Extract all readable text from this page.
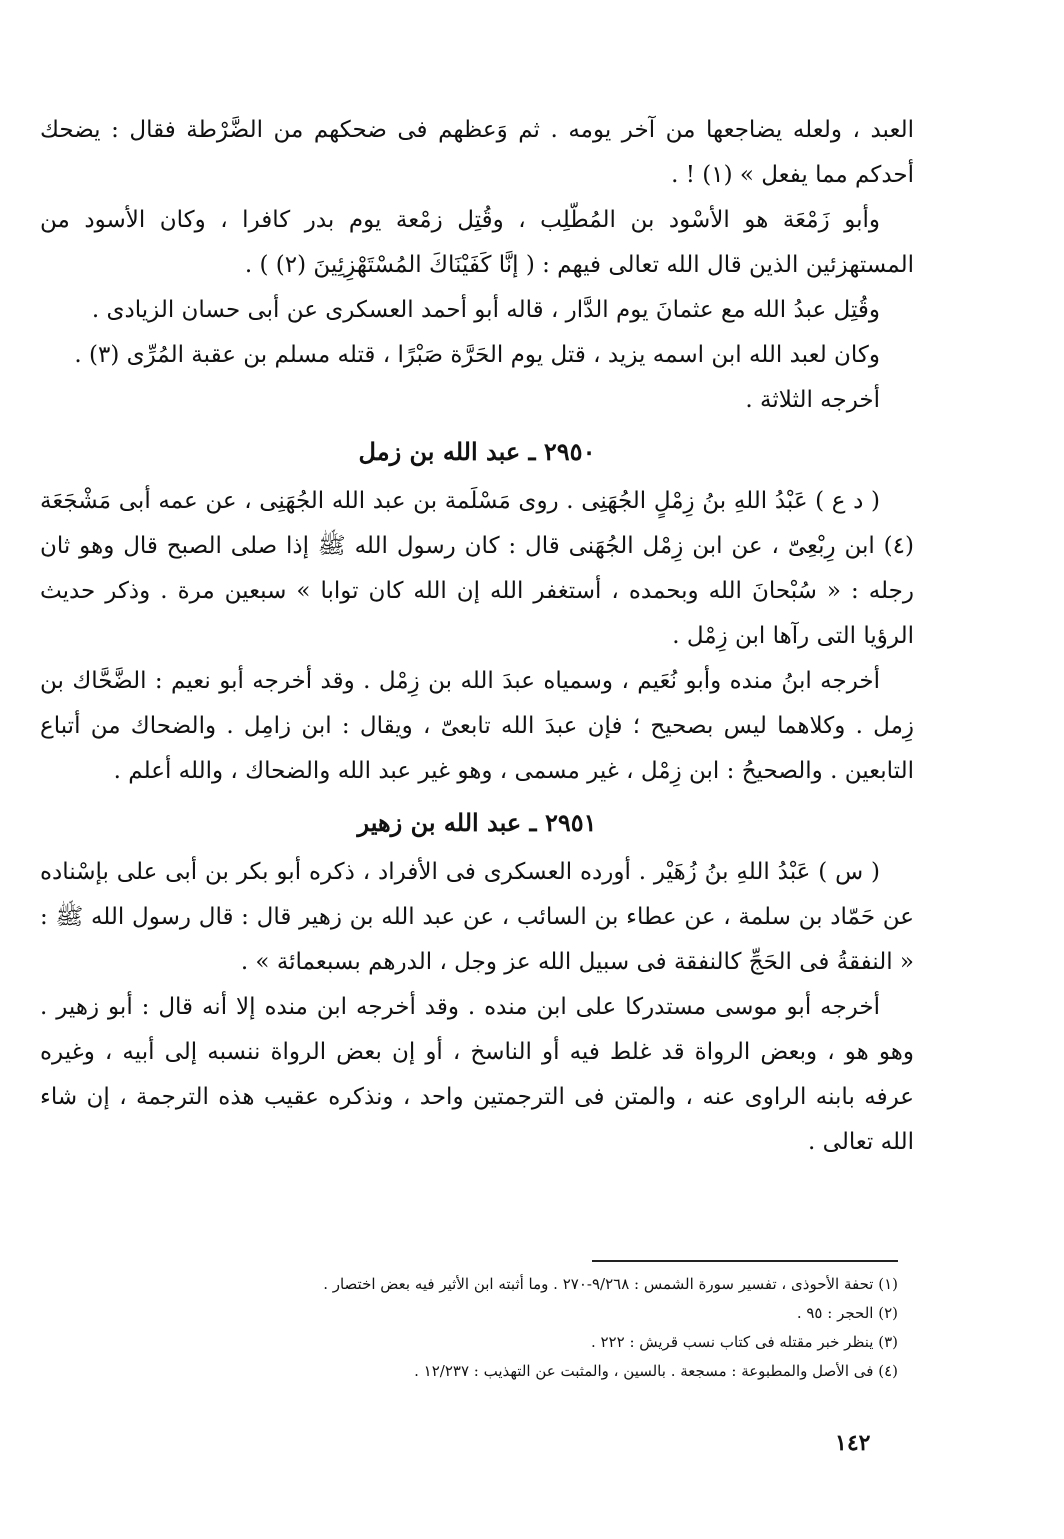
العبد ، ولعله يضاجعها من آخر يومه . ثم وَعظهم فى ضحكهم من الضَّرْطة فقال : يضحك أحدكم مما يفعل » (١) ! .

وأبو زَمْعَة هو الأسْود بن المُطّلِب ، وقُتِل زمْعة يوم بدر كافرا ، وكان الأسود من المستهزئين الذين قال الله تعالى فيهم : ( إنَّا كَفَيْنَاكَ المُسْتَهْزِئِينَ (٢) ) .

وقُتِل عبدُ الله مع عثمانَ يوم الدَّار ، قاله أبو أحمد العسكرى عن أبى حسان الزيادى .

وكان لعبد الله ابن اسمه يزيد ، قتل يوم الحَرَّة صَبْرًا ، قتله مسلم بن عقبة المُرِّى (٣) .

أخرجه الثلاثة .

٢٩٥٠ ـ عبد الله بن زمل

( د ع ) عَبْدُ اللهِ بنُ زِمْلٍ الجُهَنِى . روى مَسْلَمة بن عبد الله الجُهَنِى ، عن عمه أبى مَشْجَعَة (٤) ابن رِبْعِىّ ، عن ابن زِمْل الجُهَنى قال : كان رسول الله ﷺ إذا صلى الصبح قال وهو ثان رجله : « سُبْحانَ الله وبحمده ، أستغفر الله إن الله كان توابا » سبعين مرة . وذكر حديث الرؤيا التى رآها ابن زِمْل .

أخرجه ابنُ منده وأبو نُعَيم ، وسمياه عبدَ الله بن زِمْل . وقد أخرجه أبو نعيم : الضَّحَّاك بن زِمل . وكلاهما ليس بصحيح ؛ فإن عبدَ الله تابعىّ ، ويقال : ابن زامِل . والضحاك من أتباع التابعين . والصحيحُ : ابن زِمْل ، غير مسمى ، وهو غير عبد الله والضحاك ، والله أعلم .

٢٩٥١ ـ عبد الله بن زهير

( س ) عَبْدُ اللهِ بنُ زُهَيْر . أورده العسكرى فى الأفراد ، ذكره أبو بكر بن أبى على بإسْناده عن حَمّاد بن سلمة ، عن عطاء بن السائب ، عن عبد الله بن زهير قال : قال رسول الله ﷺ : « النفقةُ فى الحَجِّ كالنفقة فى سبيل الله عز وجل ، الدرهم بسبعمائة » .

أخرجه أبو موسى مستدركا على ابن منده . وقد أخرجه ابن منده إلا أنه قال : أبو زهير . وهو هو ، وبعض الرواة قد غلط فيه أو الناسخ ، أو إن بعض الرواة ننسبه إلى أبيه ، وغيره عرفه بابنه الراوى عنه ، والمتن فى الترجمتين واحد ، ونذكره عقيب هذه الترجمة ، إن شاء الله تعالى .

(١) تحفة الأحوذى ، تفسير سورة الشمس : ٩/٢٦٨-٢٧٠ . وما أثبته ابن الأثير فيه بعض اختصار .

(٢) الحجر : ٩٥ .

(٣) ينظر خبر مقتله فى كتاب نسب قريش : ٢٢٢ .

(٤) فى الأصل والمطبوعة : مسجعة . بالسين ، والمثبت عن التهذيب : ١٢/٢٣٧ .

١٤٢
